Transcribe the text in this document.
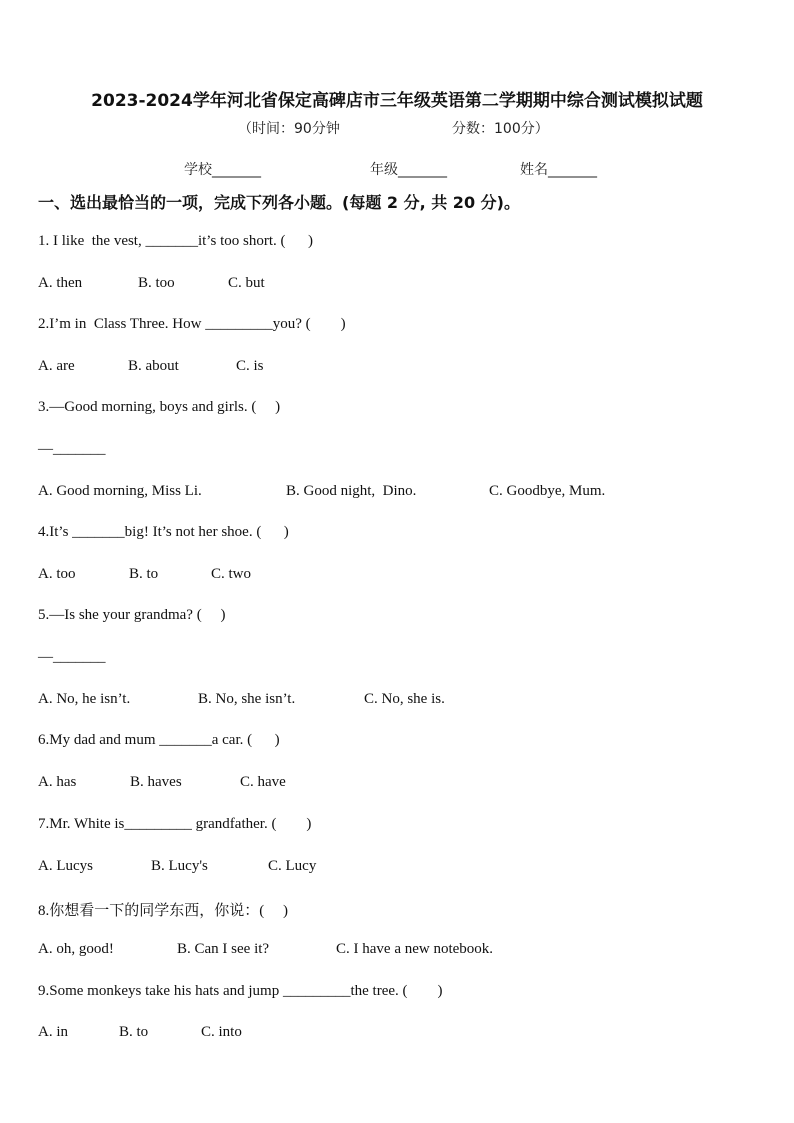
2023-2024学年河北省保定高碑店市三年级英语第二学期期中综合测试模拟试题
（时间：90分钟	分数：100分）
学校_______	年级_______	姓名_______
一、选出最恰当的一项，完成下列各小题。(每题 2 分, 共 20 分)。
1. I like  the vest, _______it’s too short. (      )
A. then	B. too	C. but
2.I’m in  Class Three. How _________you? (        )
A. are	B. about	C. is
3.—Good morning, boys and girls. (     )
—_______
A. Good morning, Miss Li.	B. Good night,  Dino.	C. Goodbye, Mum.
4.It’s _______big! It’s not her shoe. (      )
A. too	B. to	C. two
5.—Is she your grandma? (     )
—_______
A. No, he isn’t.	B. No, she isn’t.	C. No, she is.
6.My dad and mum _______a car. (      )
A. has	B. haves	C. have
7.Mr. White is_________ grandfather. (        )
A. Lucys	B. Lucy's	C. Lucy
8.你想看一下的同学东西，你说：(     )
A. oh, good!	B. Can I see it?	C. I have a new notebook.
9.Some monkeys take his hats and jump _________the tree. (        )
A. in	B. to	C. into
